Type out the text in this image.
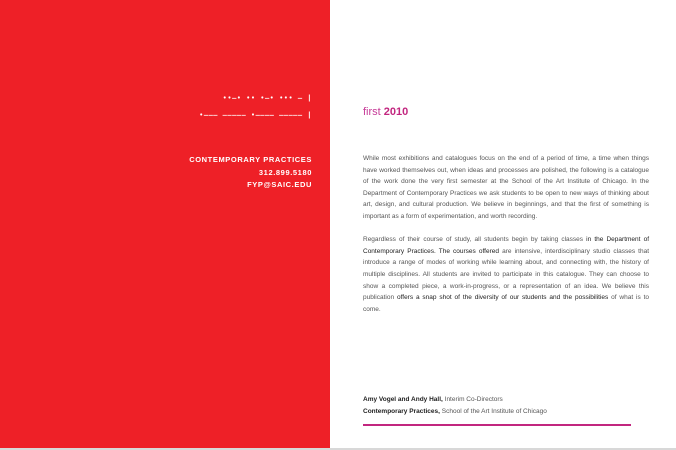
••—• •• •—• ••• — |
•——— ————— •———— ————— |
CONTEMPORARY PRACTICES
312.899.5180
FYP@SAIC.EDU
first 2010

While most exhibitions and catalogues focus on the end of a period of time, a time when things have worked themselves out, when ideas and processes are polished, the following is a catalogue of the work done the very first semester at the School of the Art Institute of Chicago. In the Department of Contemporary Practices we ask students to be open to new ways of thinking about art, design, and cultural production. We believe in beginnings, and that the first of something is important as a form of experimentation, and worth recording.

Regardless of their course of study, all students begin by taking classes in the Department of Contemporary Practices. The courses offered are intensive, interdisciplinary studio classes that introduce a range of modes of working while learning about, and connecting with, the history of multiple disciplines. All students are invited to participate in this catalogue. They can choose to show a completed piece, a work-in-progress, or a representation of an idea. We believe this publication offers a snap shot of the diversity of our students and the possibilities of what is to come.

Amy Vogel and Andy Hall, Interim Co-Directors
Contemporary Practices, School of the Art Institute of Chicago
